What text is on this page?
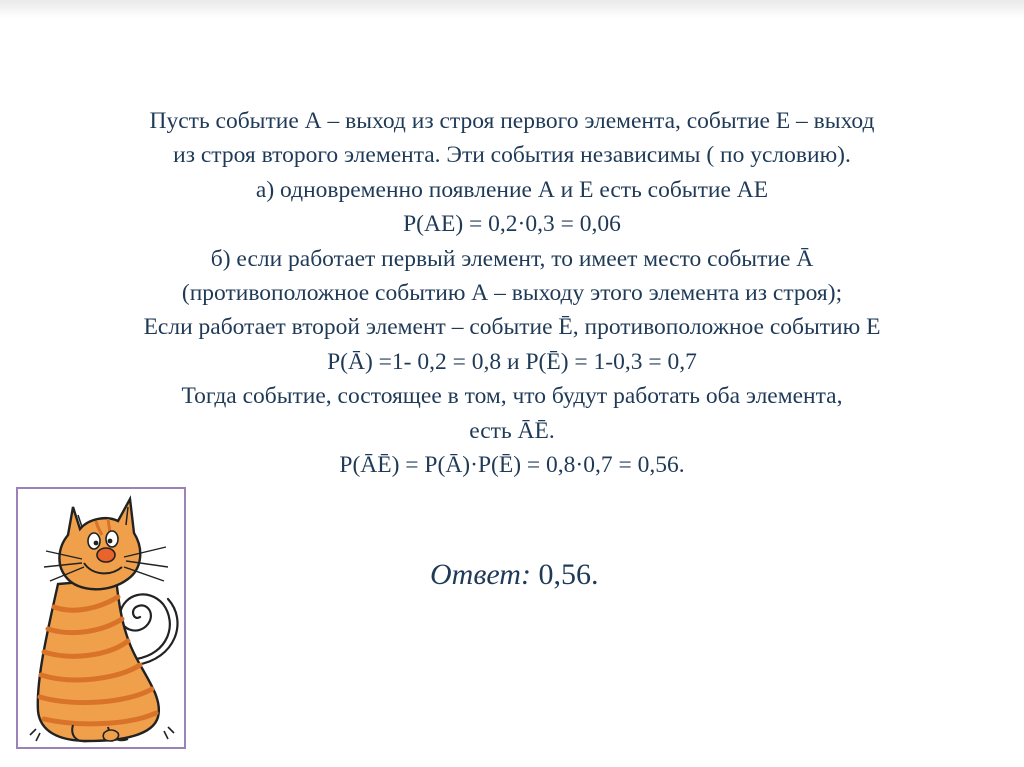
Пусть событие А – выход из строя первого элемента, событие Е – выход
из строя второго элемента. Эти события независимы ( по условию).
а) одновременно появление А и Е есть событие АЕ
Р(АЕ) = 0,2·0,3 = 0,06
б) если работает первый элемент, то имеет место событие Ā
(противоположное событию А – выходу этого элемента из строя);
Если работает второй элемент – событие Ē, противоположное событию Е
Р(Ā) =1- 0,2 = 0,8 и Р(Ē) = 1-0,3 = 0,7
Тогда событие, состоящее в том, что будут работать оба элемента,
есть ĀĒ.
Р(ĀĒ) = Р(Ā)·Р(Ē) = 0,8·0,7 = 0,56.
Ответ: 0,56.
